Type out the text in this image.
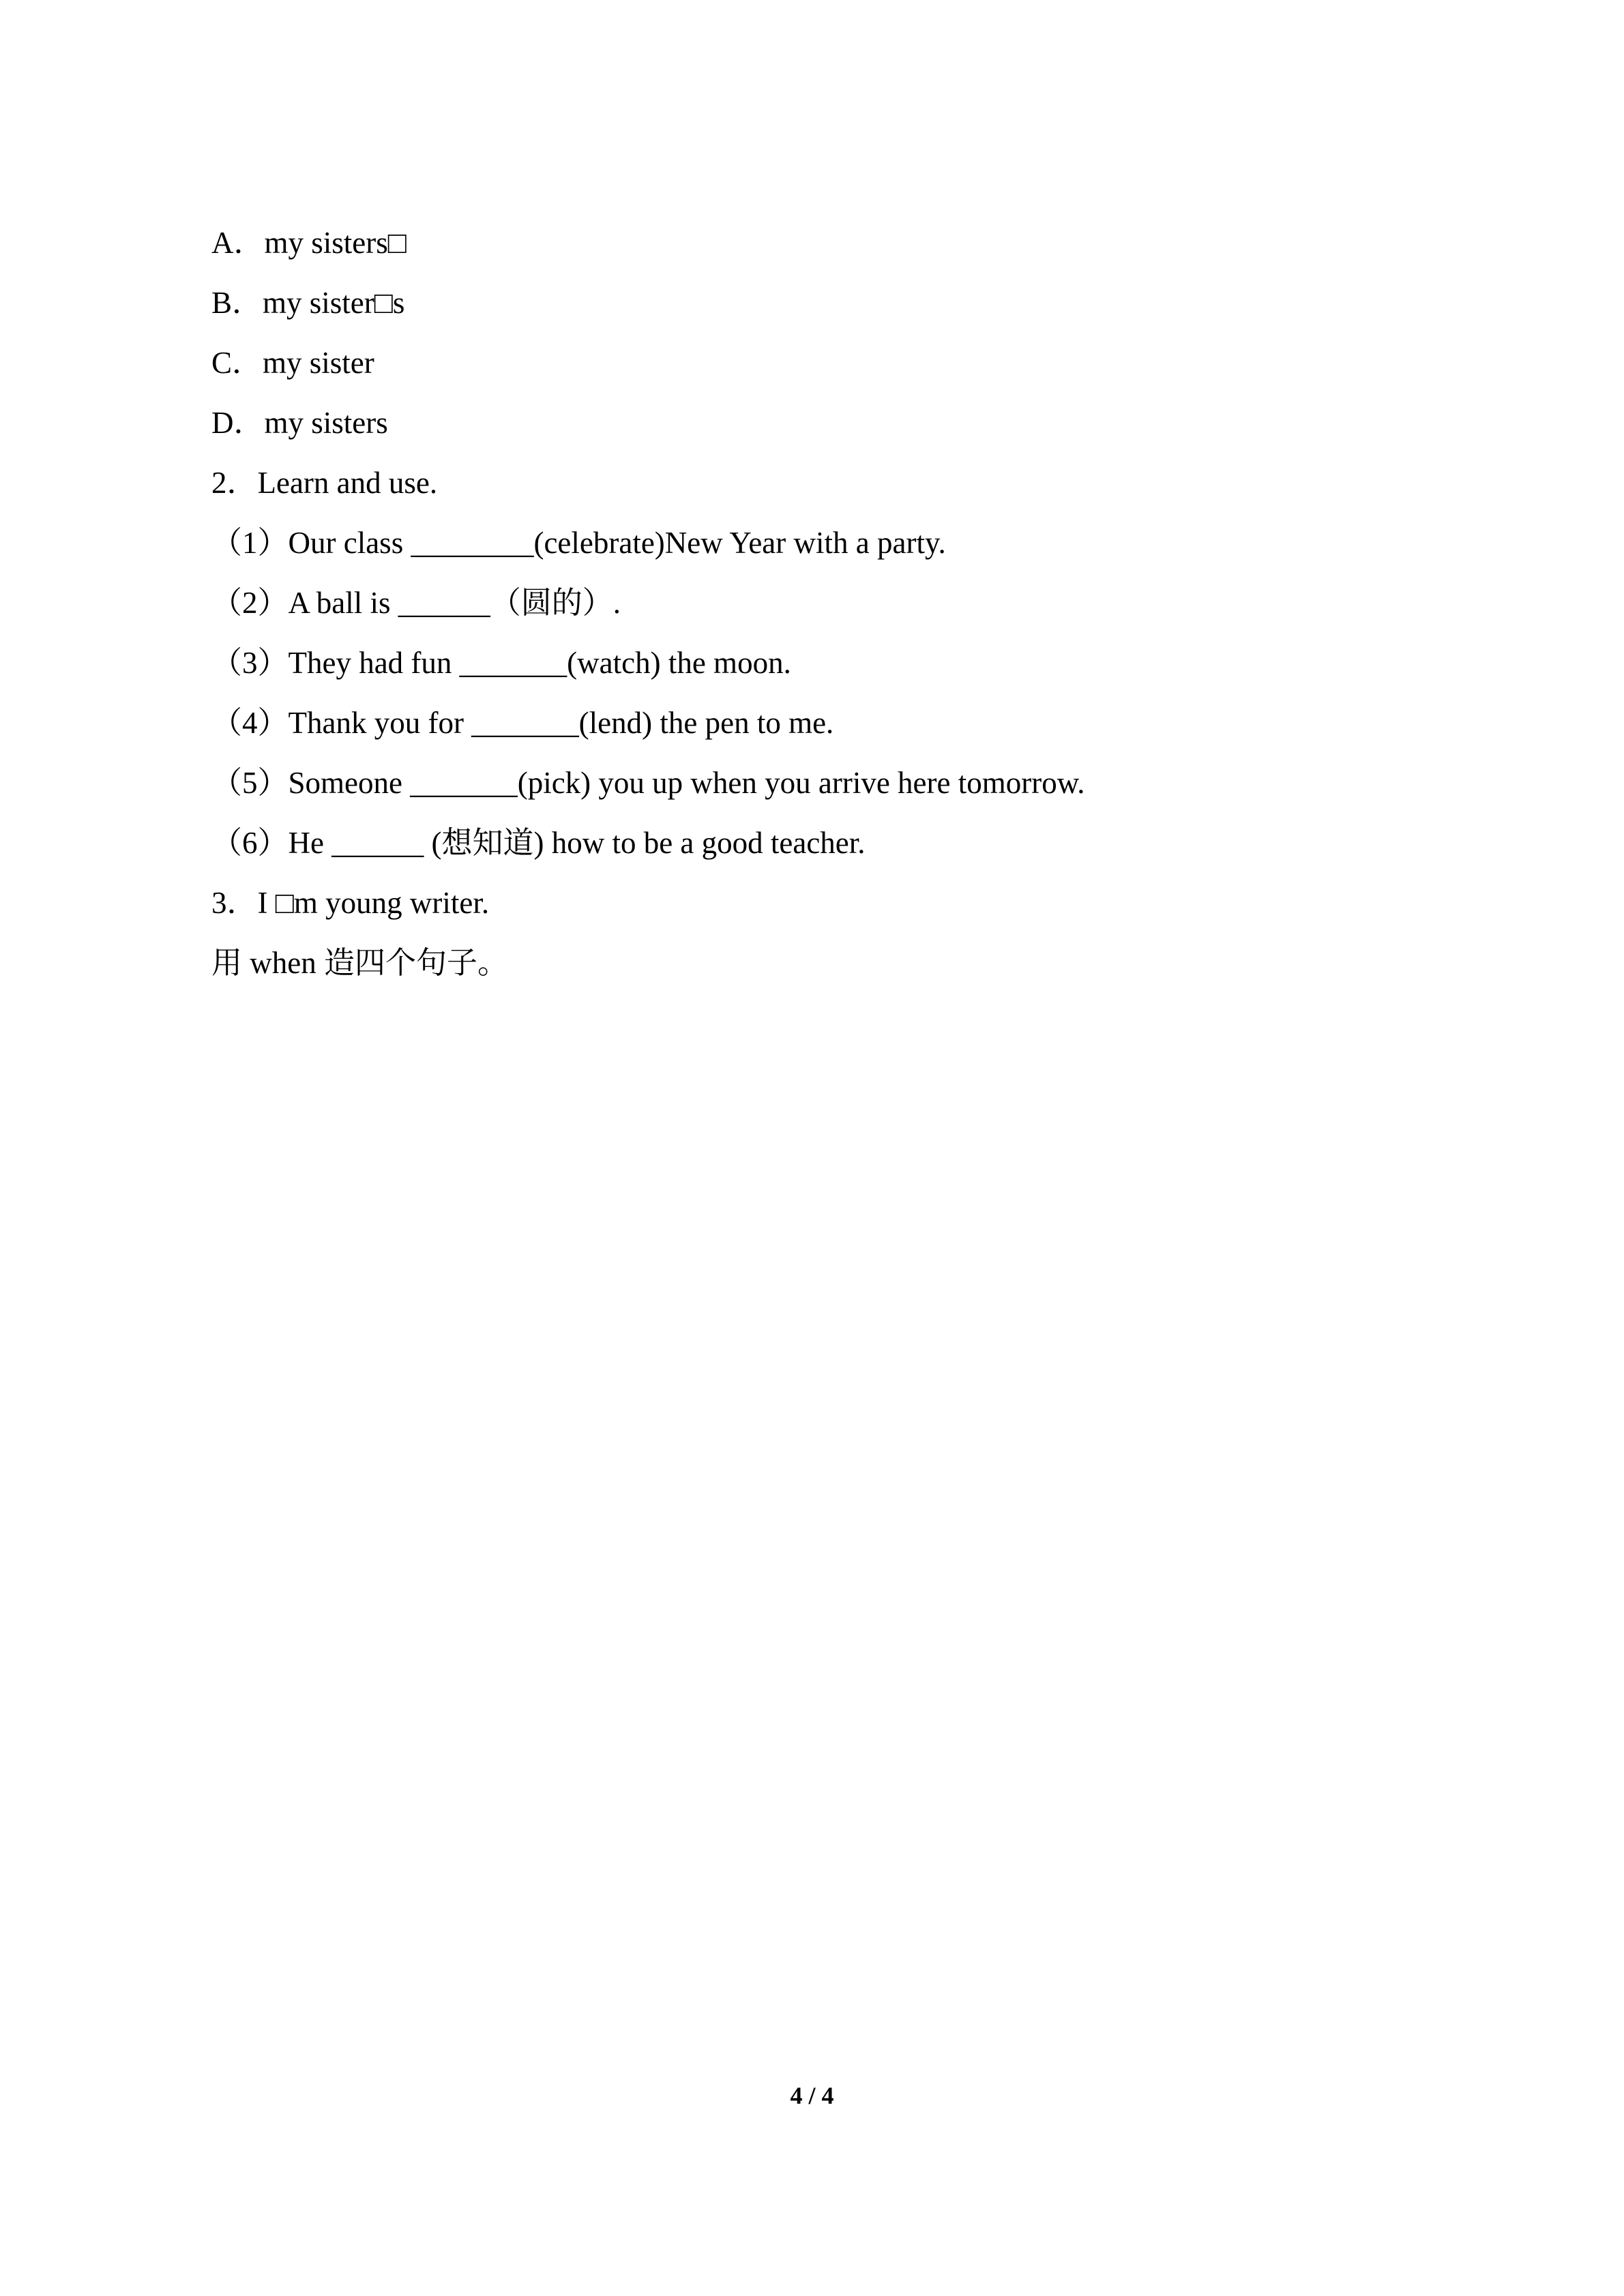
A．my sisters□
B．my sister□s
C．my sister
D．my sisters
2．Learn and use.
（1）Our class ________(celebrate)New Year with a party.
（2）A ball is ______（圆的）.
（3）They had fun _______(watch) the moon.
（4）Thank you for _______(lend) the pen to me.
（5）Someone _______(pick) you up when you arrive here tomorrow.
（6）He ______ (想知道) how to be a good teacher.
3．I □m young writer.
用 when 造四个句子。
4 / 4
